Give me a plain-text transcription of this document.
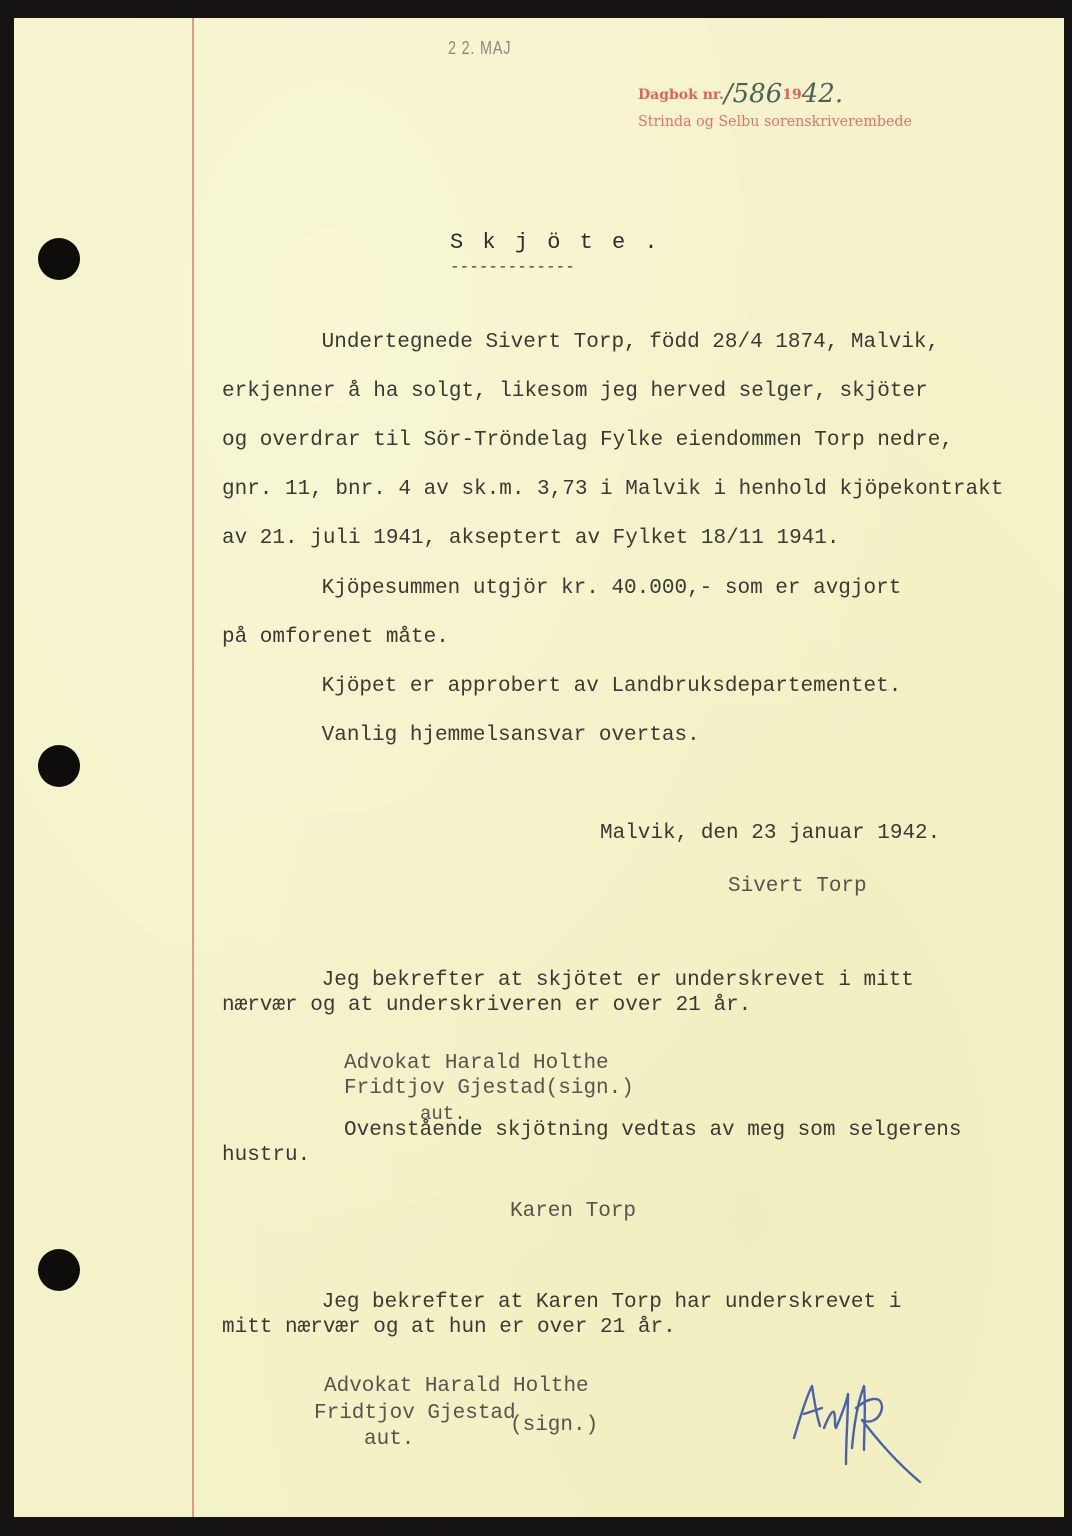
2 2. MAJ
Dagbok nr./5861942.
Strinda og Selbu sorenskriverembede
S k j ö t e .
-------------
Undertegnede Sivert Torp, född 28/4 1874, Malvik,
erkjenner å ha solgt, likesom jeg herved selger, skjöter
og overdrar til Sör-Tröndelag Fylke eiendommen Torp nedre,
gnr. 11, bnr. 4 av sk.m. 3,73 i Malvik i henhold kjöpekontrakt
av 21. juli 1941, akseptert av Fylket 18/11 1941.
Kjöpesummen utgjör kr. 40.000,- som er avgjort
på omforenet måte.
Kjöpet er approbert av Landbruksdepartementet.
Vanlig hjemmelsansvar overtas.
Malvik, den 23 januar 1942.
Sivert Torp
Jeg bekrefter at skjötet er underskrevet i mitt
nærvær og at underskriveren er over 21 år.
Advokat Harald Holthe
Fridtjov Gjestad(sign.)
aut.
Ovenstående skjötning vedtas av meg som selgerens
hustru.
Karen Torp
Jeg bekrefter at Karen Torp har underskrevet i
mitt nærvær og at hun er over 21 år.
Advokat Harald Holthe
Fridtjov Gjestad
(sign.)
aut.
